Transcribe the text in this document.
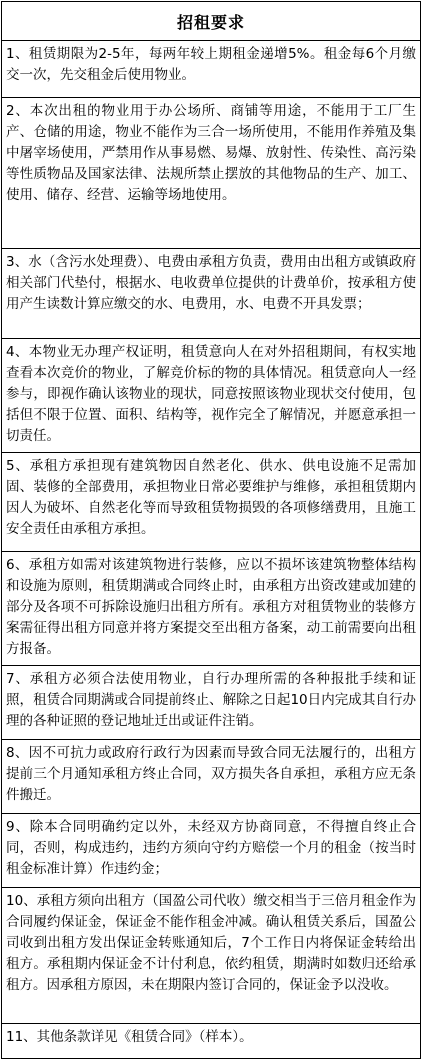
招租要求
1、租赁期限为2-5年，每两年较上期租金递增5%。租金每6个月缴交一次，先交租金后使用物业。
2、本次出租的物业用于办公场所、商铺等用途，不能用于工厂生产、仓储的用途，物业不能作为三合一场所使用，不能用作养殖及集中屠宰场使用，严禁用作从事易燃、易爆、放射性、传染性、高污染等性质物品及国家法律、法规所禁止摆放的其他物品的生产、加工、使用、储存、经营、运输等场地使用。
3、水（含污水处理费）、电费由承租方负责，费用由出租方或镇政府相关部门代垫付，根据水、电收费单位提供的计费单价，按承租方使用产生读数计算应缴交的水、电费用，水、电费不开具发票；
4、本物业无办理产权证明，租赁意向人在对外招租期间，有权实地查看本次竞价的物业，了解竞价标的物的具体情况。租赁意向人一经参与，即视作确认该物业的现状，同意按照该物业现状交付使用，包括但不限于位置、面积、结构等，视作完全了解情况，并愿意承担一切责任。
5、承租方承担现有建筑物因自然老化、供水、供电设施不足需加固、装修的全部费用，承担物业日常必要维护与维修，承担租赁期内因人为破坏、自然老化等而导致租赁物损毁的各项修缮费用，且施工安全责任由承租方承担。
6、承租方如需对该建筑物进行装修，应以不损坏该建筑物整体结构和设施为原则，租赁期满或合同终止时，由承租方出资改建或加建的部分及各项不可拆除设施归出租方所有。承租方对租赁物业的装修方案需征得出租方同意并将方案提交至出租方备案，动工前需要向出租方报备。
7、承租方必须合法使用物业，自行办理所需的各种报批手续和证照，租赁合同期满或合同提前终止、解除之日起10日内完成其自行办理的各种证照的登记地址迁出或证件注销。
8、因不可抗力或政府行政行为因素而导致合同无法履行的，出租方提前三个月通知承租方终止合同，双方损失各自承担，承租方应无条件搬迁。
9、除本合同明确约定以外，未经双方协商同意，不得擅自终止合同，否则，构成违约，违约方须向守约方赔偿一个月的租金（按当时租金标准计算）作违约金；
10、承租方须向出租方（国盈公司代收）缴交相当于三倍月租金作为合同履约保证金，保证金不能作租金冲减。确认租赁关系后，国盈公司收到出租方发出保证金转账通知后，7个工作日内将保证金转给出租方。承租期内保证金不计付利息，依约租赁，期满时如数归还给承租方。因承租方原因，未在期限内签订合同的，保证金予以没收。
11、其他条款详见《租赁合同》（样本）。
